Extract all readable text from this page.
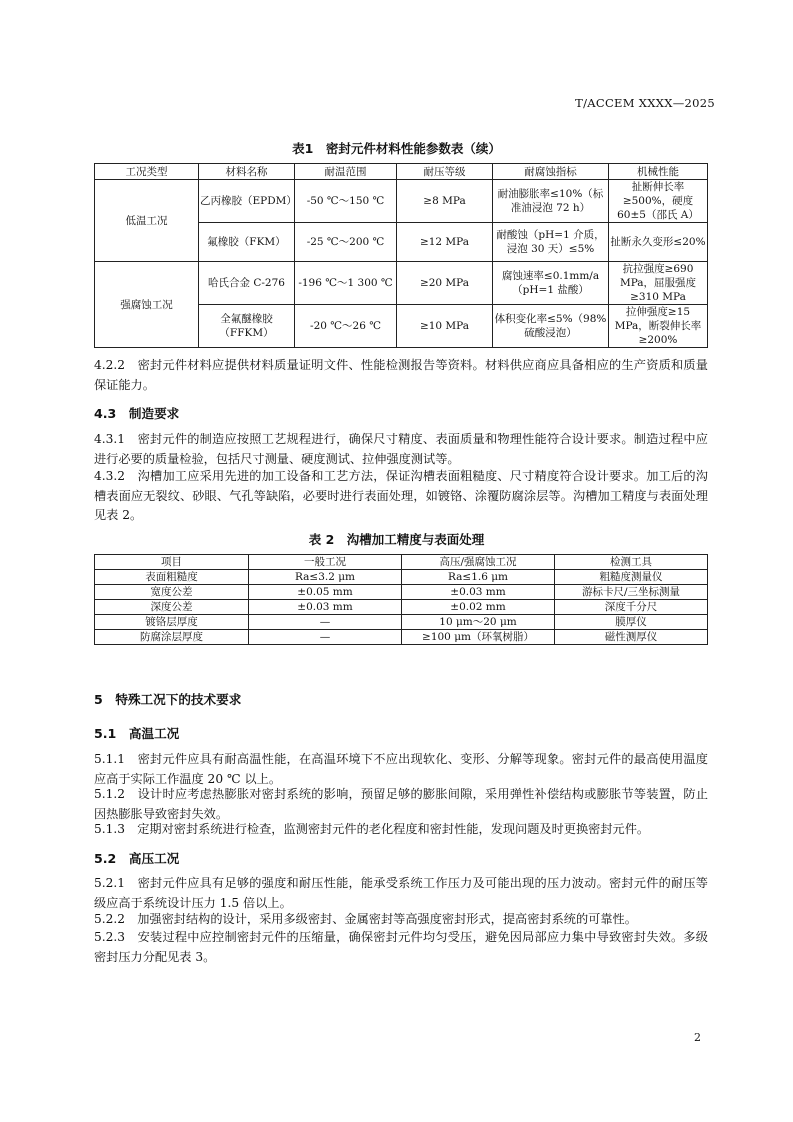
T/ACCEM XXXX—2025
表1　密封元件材料性能参数表（续）
工况类型	材料名称	耐温范围	耐压等级	耐腐蚀指标	机械性能
低温工况	乙丙橡胶（EPDM）	-50 ℃～150 ℃	≥8 MPa	耐油膨胀率≤10%（标准油浸泡 72 h）	扯断伸长率≥500%，硬度 60±5（邵氏 A）
	氟橡胶（FKM）	-25 ℃～200 ℃	≥12 MPa	耐酸蚀（pH=1 介质，浸泡 30 天）≤5%	扯断永久变形≤20%
强腐蚀工况	哈氏合金 C-276	-196 ℃～1 300 ℃	≥20 MPa	腐蚀速率≤0.1mm/a（pH=1 盐酸）	抗拉强度≥690 MPa，屈服强度≥310 MPa
	全氟醚橡胶（FFKM）	-20 ℃～26 ℃	≥10 MPa	体积变化率≤5%（98%硫酸浸泡）	拉伸强度≥15 MPa，断裂伸长率≥200%
4.2.2　密封元件材料应提供材料质量证明文件、性能检测报告等资料。材料供应商应具备相应的生产资质和质量保证能力。
4.3　制造要求
4.3.1　密封元件的制造应按照工艺规程进行，确保尺寸精度、表面质量和物理性能符合设计要求。制造过程中应进行必要的质量检验，包括尺寸测量、硬度测试、拉伸强度测试等。
4.3.2　沟槽加工应采用先进的加工设备和工艺方法，保证沟槽表面粗糙度、尺寸精度符合设计要求。加工后的沟槽表面应无裂纹、砂眼、气孔等缺陷，必要时进行表面处理，如镀铬、涂覆防腐涂层等。沟槽加工精度与表面处理见表 2。
表 2　沟槽加工精度与表面处理
项目	一般工况	高压/强腐蚀工况	检测工具
表面粗糙度	Ra≤3.2 μm	Ra≤1.6 μm	粗糙度测量仪
宽度公差	±0.05 mm	±0.03 mm	游标卡尺/三坐标测量
深度公差	±0.03 mm	±0.02 mm	深度千分尺
镀铬层厚度	—	10 μm～20 μm	膜厚仪
防腐涂层厚度	—	≥100 μm（环氧树脂）	磁性测厚仪
5　特殊工况下的技术要求
5.1　高温工况
5.1.1　密封元件应具有耐高温性能，在高温环境下不应出现软化、变形、分解等现象。密封元件的最高使用温度应高于实际工作温度 20 ℃ 以上。
5.1.2　设计时应考虑热膨胀对密封系统的影响，预留足够的膨胀间隙，采用弹性补偿结构或膨胀节等装置，防止因热膨胀导致密封失效。
5.1.3　定期对密封系统进行检查，监测密封元件的老化程度和密封性能，发现问题及时更换密封元件。
5.2　高压工况
5.2.1　密封元件应具有足够的强度和耐压性能，能承受系统工作压力及可能出现的压力波动。密封元件的耐压等级应高于系统设计压力 1.5 倍以上。
5.2.2　加强密封结构的设计，采用多级密封、金属密封等高强度密封形式，提高密封系统的可靠性。
5.2.3　安装过程中应控制密封元件的压缩量，确保密封元件均匀受压，避免因局部应力集中导致密封失效。多级密封压力分配见表 3。
2
